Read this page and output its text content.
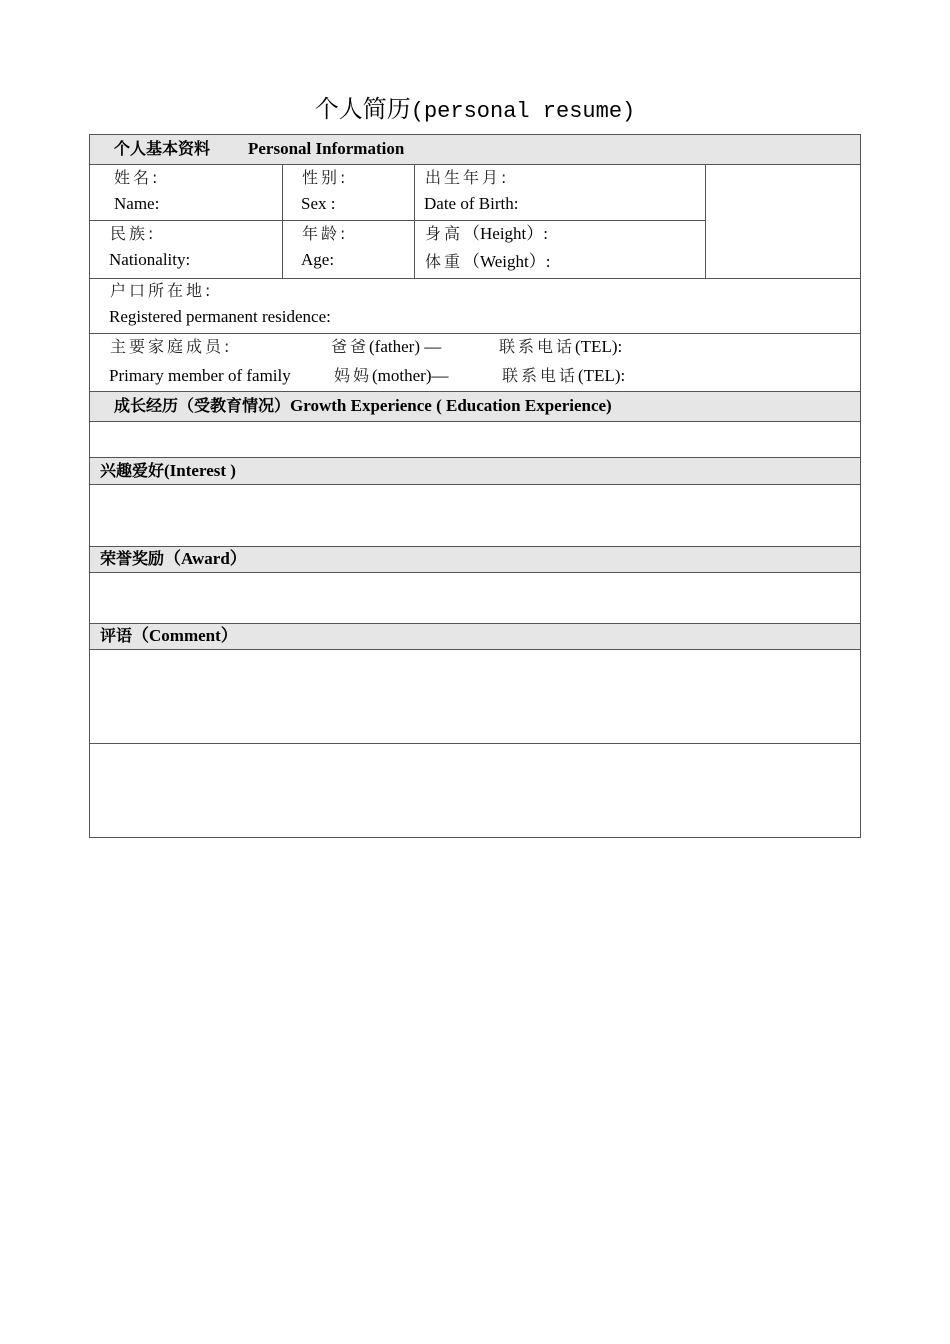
个人简历(personal resume)
个人基本资料 Personal Information
姓名:
Name:
性别:
Sex :
出生年月:
Date of Birth:
民族:
Nationality:
年龄:
Age:
身高（Height）:
体重（Weight）:
户口所在地:
Registered permanent residence:
主要家庭成员:
Primary member of family
爸爸(father) —
妈妈(mother)—
联系电话(TEL):
联系电话(TEL):
成长经历（受教育情况）Growth Experience ( Education Experience)
兴趣爱好(Interest )
荣誉奖励（Award）
评语（Comment）
